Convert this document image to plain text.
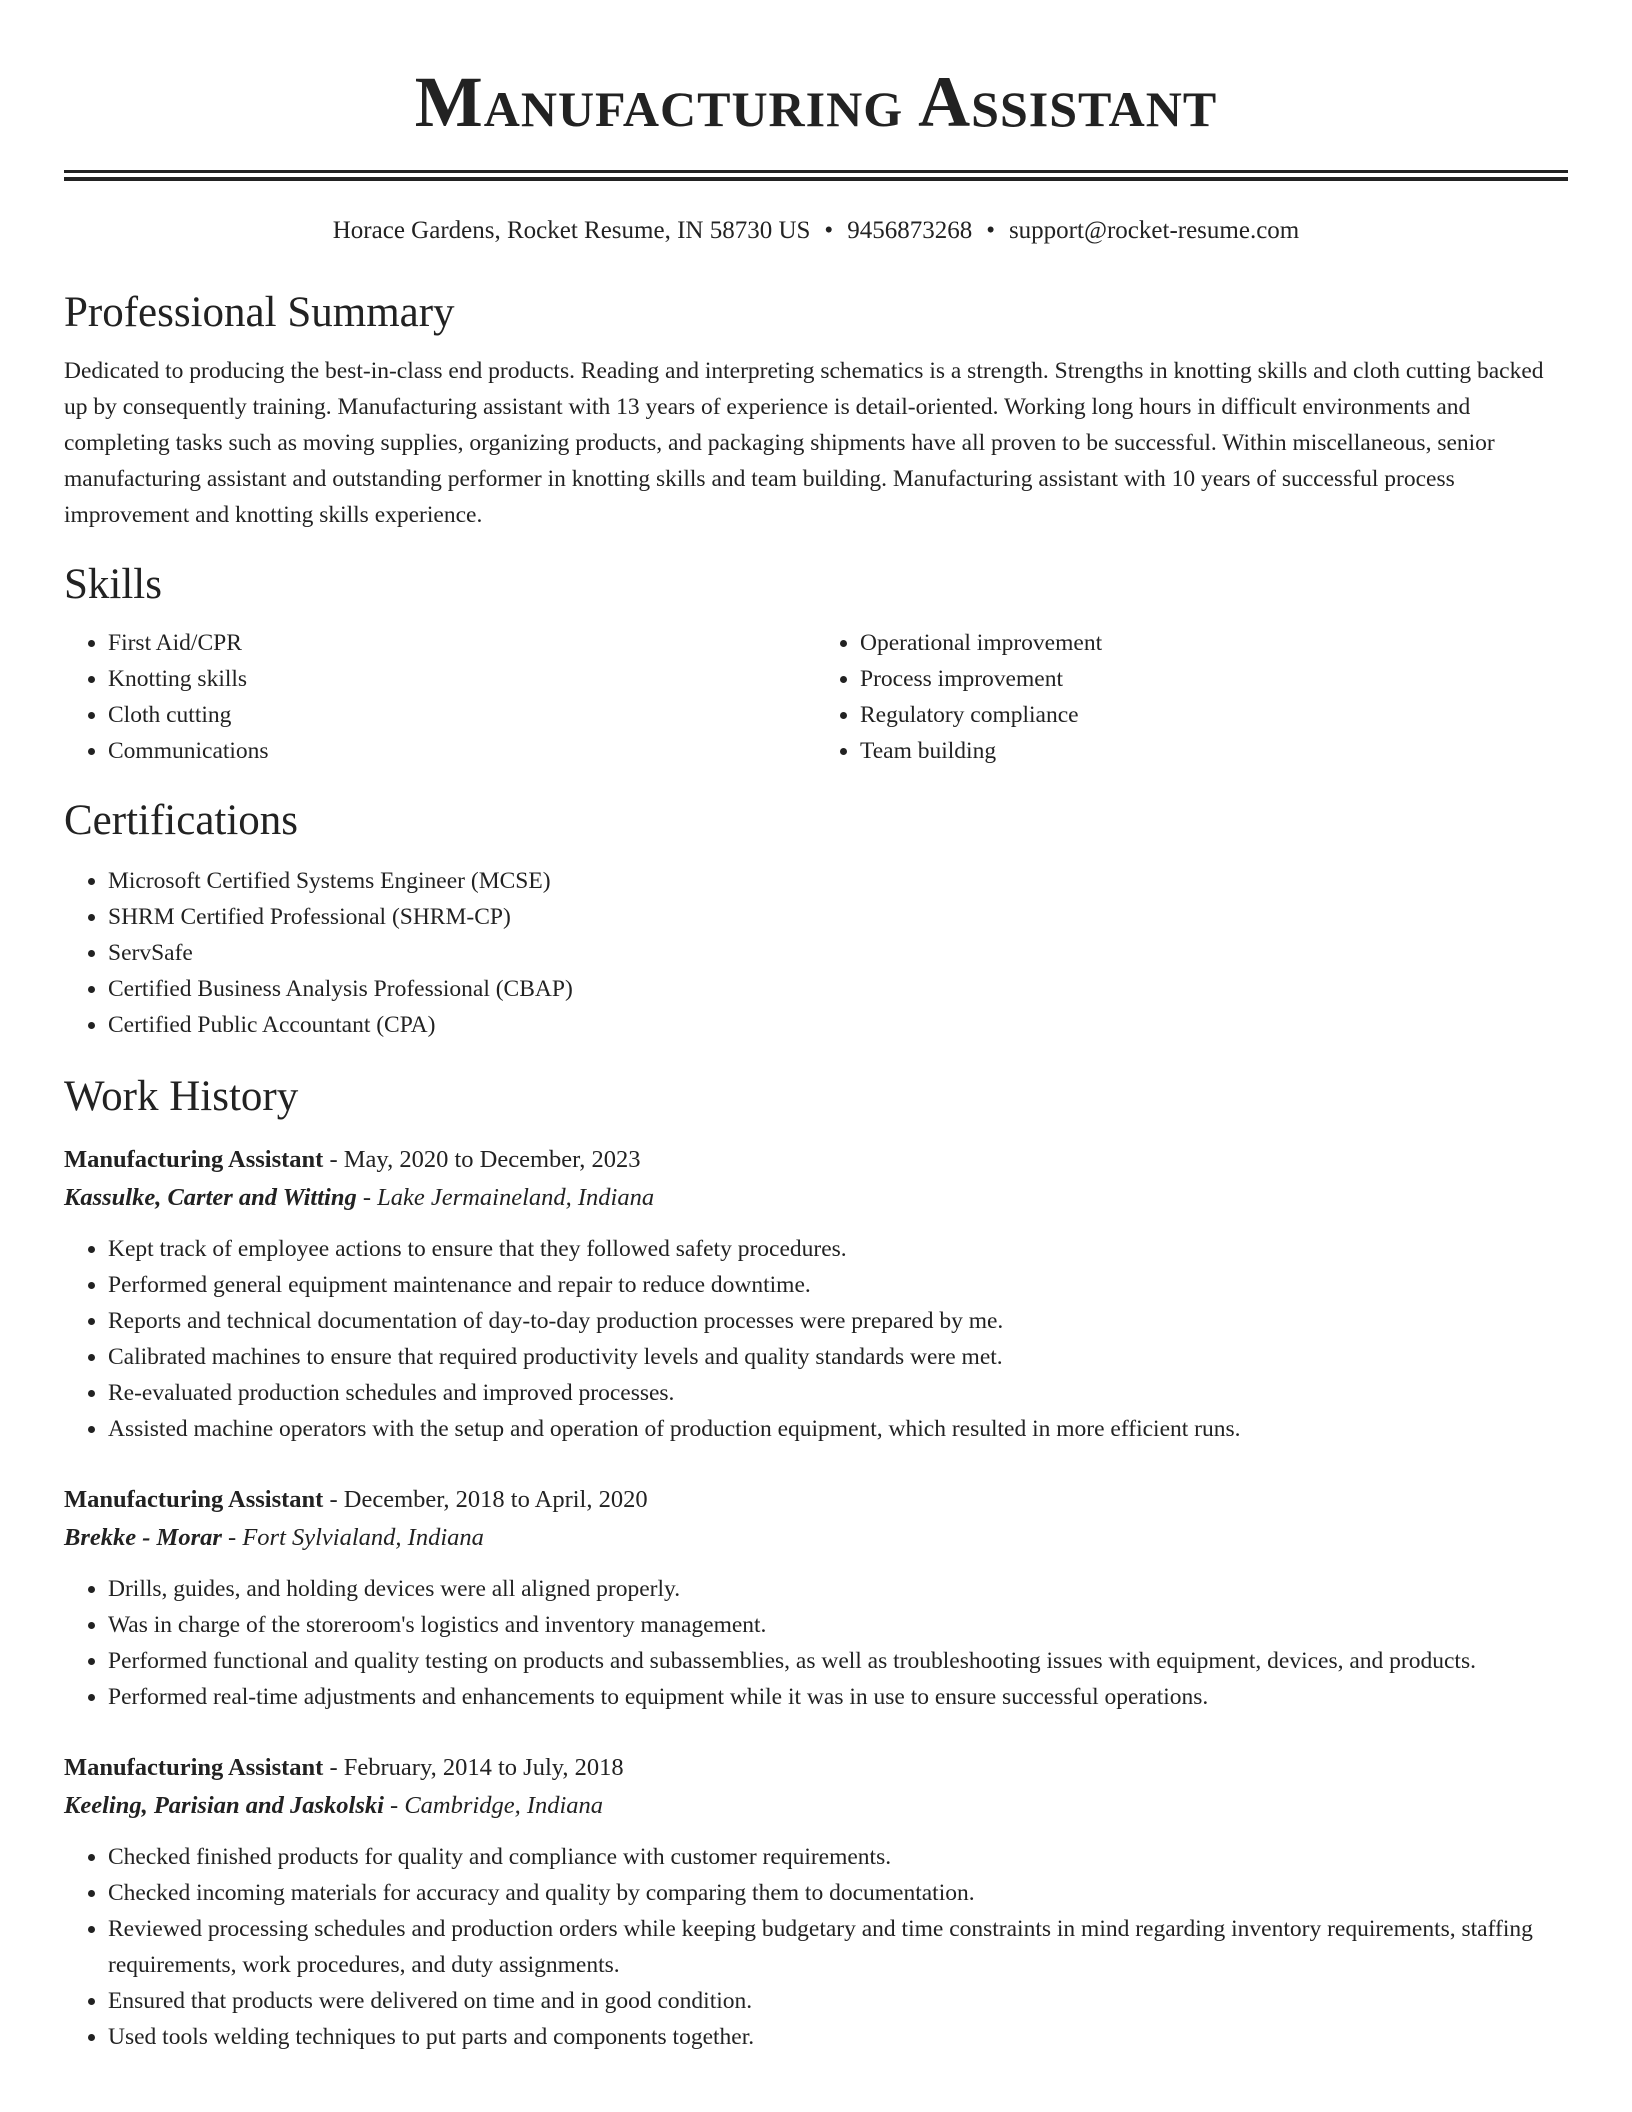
Manufacturing Assistant
Horace Gardens, Rocket Resume, IN 58730 US • 9456873268 • support@rocket-resume.com
Professional Summary

Dedicated to producing the best-in-class end products. Reading and interpreting schematics is a strength. Strengths in knotting skills and cloth cutting backed up by consequently training. Manufacturing assistant with 13 years of experience is detail-oriented. Working long hours in difficult environments and completing tasks such as moving supplies, organizing products, and packaging shipments have all proven to be successful. Within miscellaneous, senior manufacturing assistant and outstanding performer in knotting skills and team building. Manufacturing assistant with 10 years of successful process improvement and knotting skills experience.

Skills
• First Aid/CPR
• Knotting skills
• Cloth cutting
• Communications
• Operational improvement
• Process improvement
• Regulatory compliance
• Team building
Certifications
• Microsoft Certified Systems Engineer (MCSE)
• SHRM Certified Professional (SHRM-CP)
• ServSafe
• Certified Business Analysis Professional (CBAP)
• Certified Public Accountant (CPA)
Work History
Manufacturing Assistant - May, 2020 to December, 2023
Kassulke, Carter and Witting - Lake Jermaineland, Indiana
• Kept track of employee actions to ensure that they followed safety procedures.
• Performed general equipment maintenance and repair to reduce downtime.
• Reports and technical documentation of day-to-day production processes were prepared by me.
• Calibrated machines to ensure that required productivity levels and quality standards were met.
• Re-evaluated production schedules and improved processes.
• Assisted machine operators with the setup and operation of production equipment, which resulted in more efficient runs.
Manufacturing Assistant - December, 2018 to April, 2020
Brekke - Morar - Fort Sylvialand, Indiana
• Drills, guides, and holding devices were all aligned properly.
• Was in charge of the storeroom's logistics and inventory management.
• Performed functional and quality testing on products and subassemblies, as well as troubleshooting issues with equipment, devices, and products.
• Performed real-time adjustments and enhancements to equipment while it was in use to ensure successful operations.
Manufacturing Assistant - February, 2014 to July, 2018
Keeling, Parisian and Jaskolski - Cambridge, Indiana
• Checked finished products for quality and compliance with customer requirements.
• Checked incoming materials for accuracy and quality by comparing them to documentation.
• Reviewed processing schedules and production orders while keeping budgetary and time constraints in mind regarding inventory requirements, staffing requirements, work procedures, and duty assignments.
• Ensured that products were delivered on time and in good condition.
• Used tools welding techniques to put parts and components together.
